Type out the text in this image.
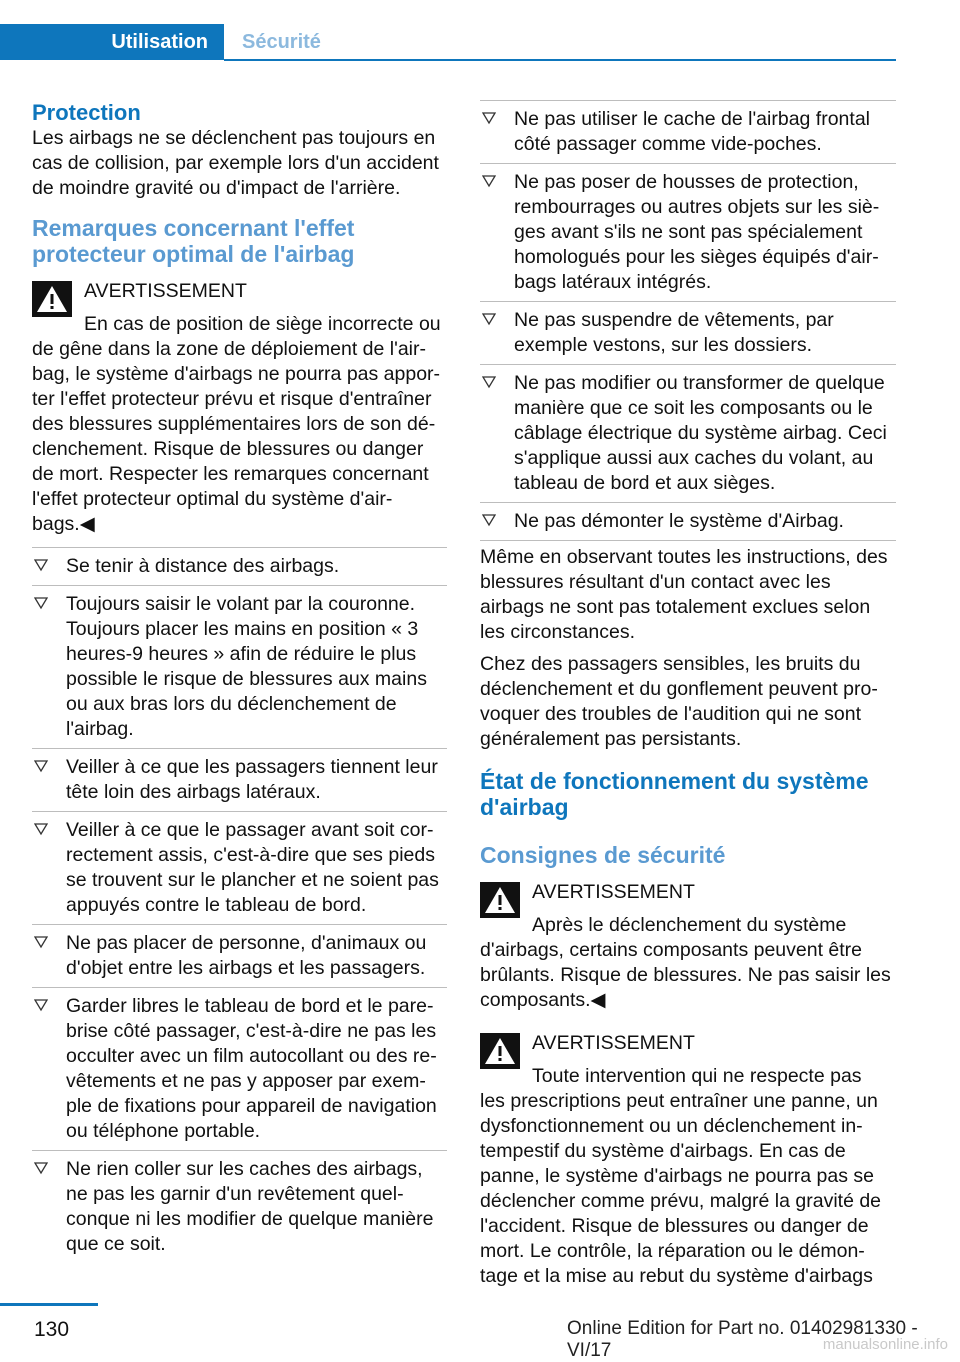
Utilisation	Sécurité

Protection

Les airbags ne se déclenchent pas toujours en cas de collision, par exemple lors d'un accident de moindre gravité ou d'impact de l'arrière.

Remarques concernant l'effet protecteur optimal de l'airbag

AVERTISSEMENT

En cas de position de siège incorrecte ou

de gêne dans la zone de déploiement de l'air‐bag, le système d'airbags ne pourra pas appor‐ter l'effet protecteur prévu et risque d'entraîner des blessures supplémentaires lors de son dé‐clenchement. Risque de blessures ou danger de mort. Respecter les remarques concernant l'effet protecteur optimal du système d'air‐bags.◀

Se tenir à distance des airbags.
Toujours saisir le volant par la couronne. Toujours placer les mains en position « 3 heures-9 heures » afin de réduire le plus possible le risque de blessures aux mains ou aux bras lors du déclenchement de l'airbag.
Veiller à ce que les passagers tiennent leur tête loin des airbags latéraux.
Veiller à ce que le passager avant soit cor‐rectement assis, c'est-à-dire que ses pieds se trouvent sur le plancher et ne soient pas appuyés contre le tableau de bord.
Ne pas placer de personne, d'animaux ou d'objet entre les airbags et les passagers.
Garder libres le tableau de bord et le pare-brise côté passager, c'est-à-dire ne pas les occulter avec un film autocollant ou des re‐vêtements et ne pas y apposer par exem‐ple de fixations pour appareil de navigation ou téléphone portable.
Ne rien coller sur les caches des airbags, ne pas les garnir d'un revêtement quel‐conque ni les modifier de quelque manière que ce soit.
Ne pas utiliser le cache de l'airbag frontal côté passager comme vide-poches.
Ne pas poser de housses de protection, rembourrages ou autres objets sur les siè‐ges avant s'ils ne sont pas spécialement homologués pour les sièges équipés d'air‐bags latéraux intégrés.
Ne pas suspendre de vêtements, par exemple vestons, sur les dossiers.
Ne pas modifier ou transformer de quelque manière que ce soit les composants ou le câblage électrique du système airbag. Ceci s'applique aussi aux caches du volant, au tableau de bord et aux sièges.
Ne pas démonter le système d'Airbag.

Même en observant toutes les instructions, des blessures résultant d'un contact avec les airbags ne sont pas totalement exclues selon les circonstances.

Chez des passagers sensibles, les bruits du déclenchement et du gonflement peuvent pro‐voquer des troubles de l'audition qui ne sont généralement pas persistants.

État de fonctionnement du système d'airbag

Consignes de sécurité

AVERTISSEMENT

Après le déclenchement du système

d'airbags, certains composants peuvent être brûlants. Risque de blessures. Ne pas saisir les composants.◀

AVERTISSEMENT

Toute intervention qui ne respecte pas

les prescriptions peut entraîner une panne, un dysfonctionnement ou un déclenchement in‐tempestif du système d'airbags. En cas de panne, le système d'airbags ne pourra pas se déclencher comme prévu, malgré la gravité de l'accident. Risque de blessures ou danger de mort. Le contrôle, la réparation ou le démon‐tage et la mise au rebut du système d'airbags

130	Online Edition for Part no. 01402981330 - VI/17	manualsonline.info
